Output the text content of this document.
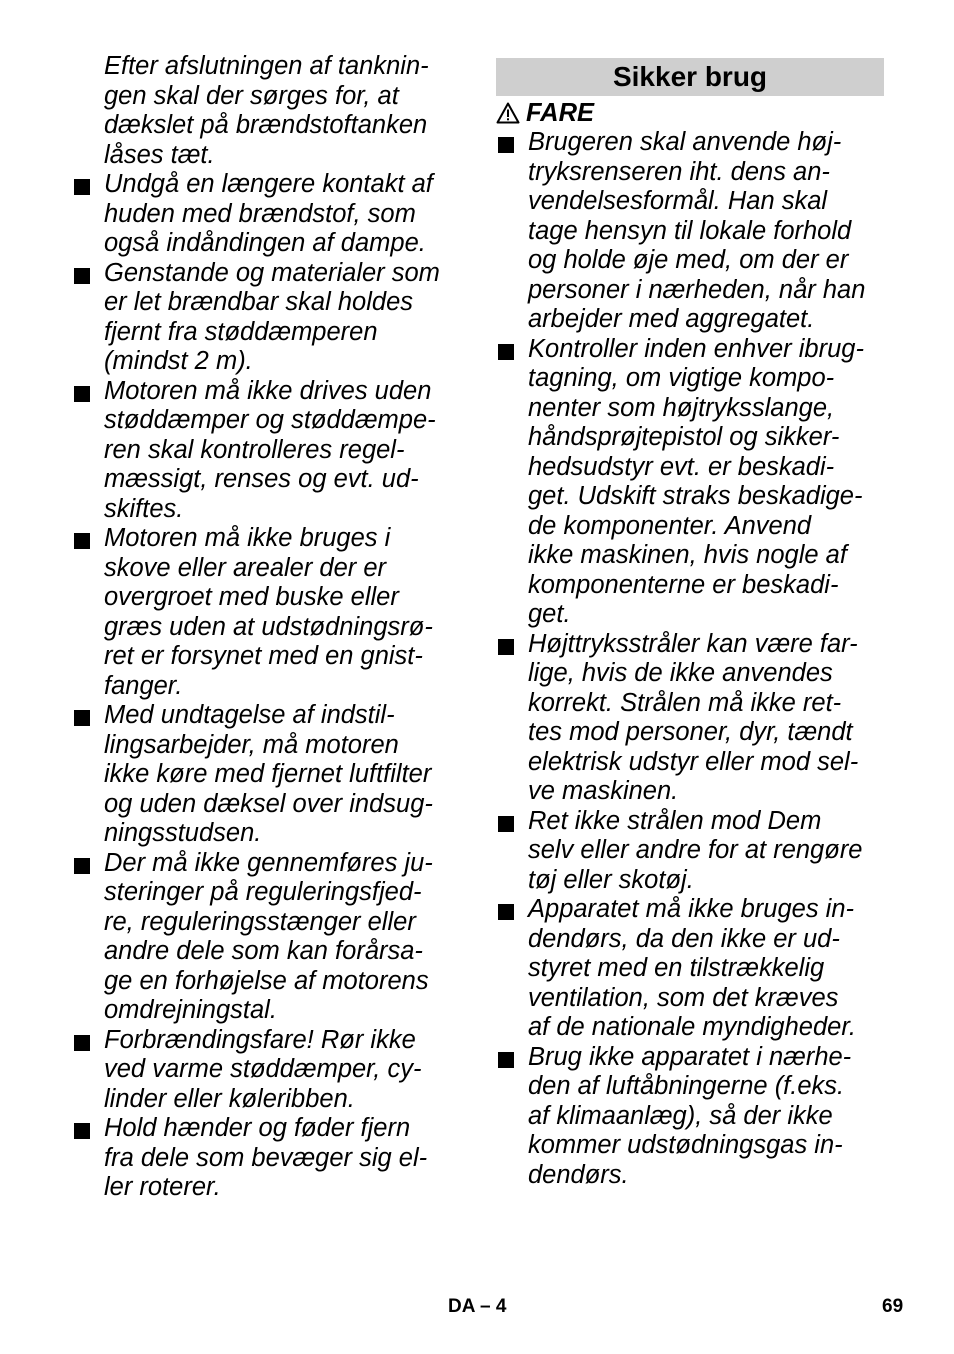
Efter afslutningen af tanknin-
gen skal der sørges for, at
dækslet på brændstoftanken
låses tæt.
Undgå en længere kontakt af
huden med brændstof, som
også indåndingen af dampe.
Genstande og materialer som
er let brændbar skal holdes
fjernt fra støddæmperen
(mindst 2 m).
Motoren må ikke drives uden
støddæmper og støddæmpe-
ren skal kontrolleres regel-
mæssigt, renses og evt. ud-
skiftes.
Motoren må ikke bruges i
skove eller arealer der er
overgroet med buske eller
græs uden at udstødningsrø-
ret er forsynet med en gnist-
fanger.
Med undtagelse af indstil-
lingsarbejder, må motoren
ikke køre med fjernet luftfilter
og uden dæksel over indsug-
ningsstudsen.
Der må ikke gennemføres ju-
steringer på reguleringsfjed-
re, reguleringsstænger eller
andre dele som kan forårsa-
ge en forhøjelse af motorens
omdrejningstal.
Forbrændingsfare! Rør ikke
ved varme støddæmper, cy-
linder eller køleribben.
Hold hænder og føder fjern
fra dele som bevæger sig el-
ler roterer.
Sikker brug
FARE
Brugeren skal anvende høj-
tryksrenseren iht. dens an-
vendelsesformål. Han skal
tage hensyn til lokale forhold
og holde øje med, om der er
personer i nærheden, når han
arbejder med aggregatet.
Kontroller inden enhver ibrug-
tagning, om vigtige kompo-
nenter som højtryksslange,
håndsprøjtepistol og sikker-
hedsudstyr evt. er beskadi-
get. Udskift straks beskadige-
de komponenter. Anvend
ikke maskinen, hvis nogle af
komponenterne er beskadi-
get.
Højttryksstråler kan være far-
lige, hvis de ikke anvendes
korrekt. Strålen må ikke ret-
tes mod personer, dyr, tændt
elektrisk udstyr eller mod sel-
ve maskinen.
Ret ikke strålen mod Dem
selv eller andre for at rengøre
tøj eller skotøj.
Apparatet må ikke bruges in-
dendørs, da den ikke er ud-
styret med en tilstrækkelig
ventilation, som det kræves
af de nationale myndigheder.
Brug ikke apparatet i nærhe-
den af luftåbningerne (f.eks.
af klimaanlæg), så der ikke
kommer udstødningsgas in-
dendørs.
DA – 4	69
